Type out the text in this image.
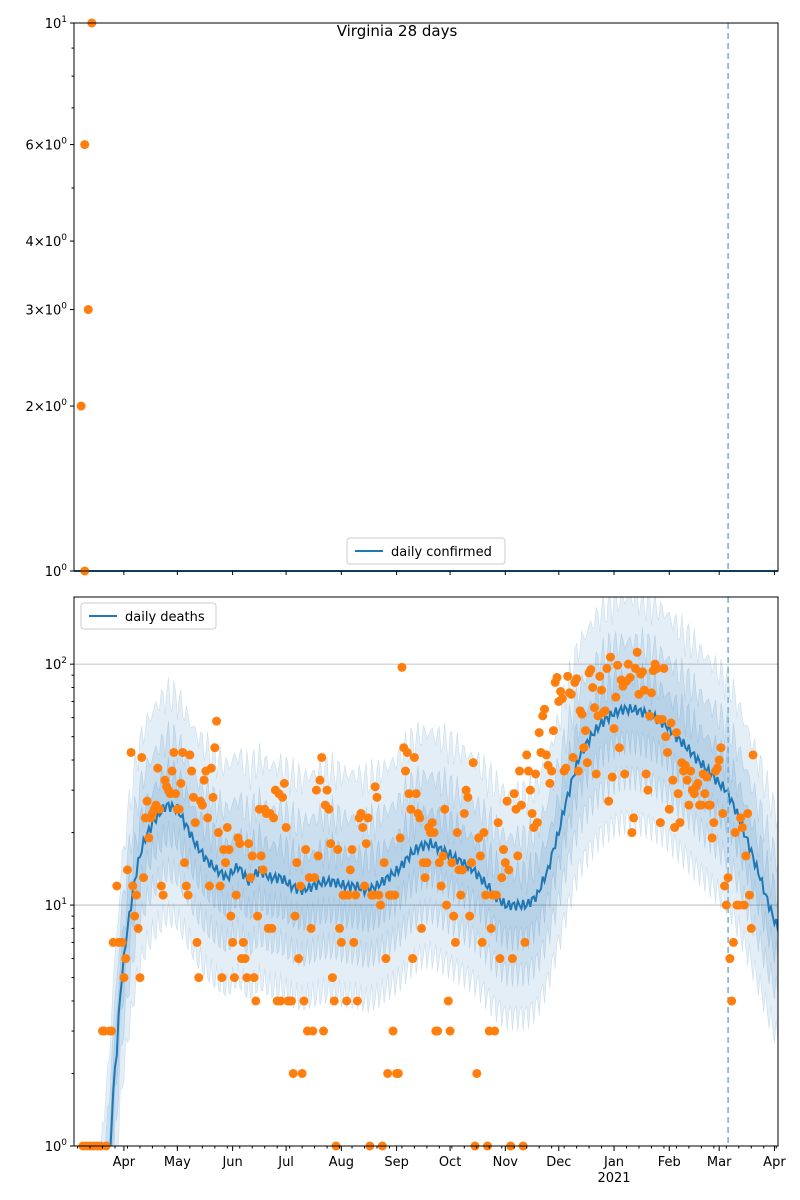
Virginia 28 days
$10^0$
$2\times 10^0$
$3\times 10^0$
$4\times 10^0$
$6\times 10^0$
$10^1$
daily confirmed
$10^0$
$10^1$
$10^2$
Apr May Jun	Jul	Aug Sep Oct Nov Dec	Jan
2021
Feb Mar Apr
daily deaths
